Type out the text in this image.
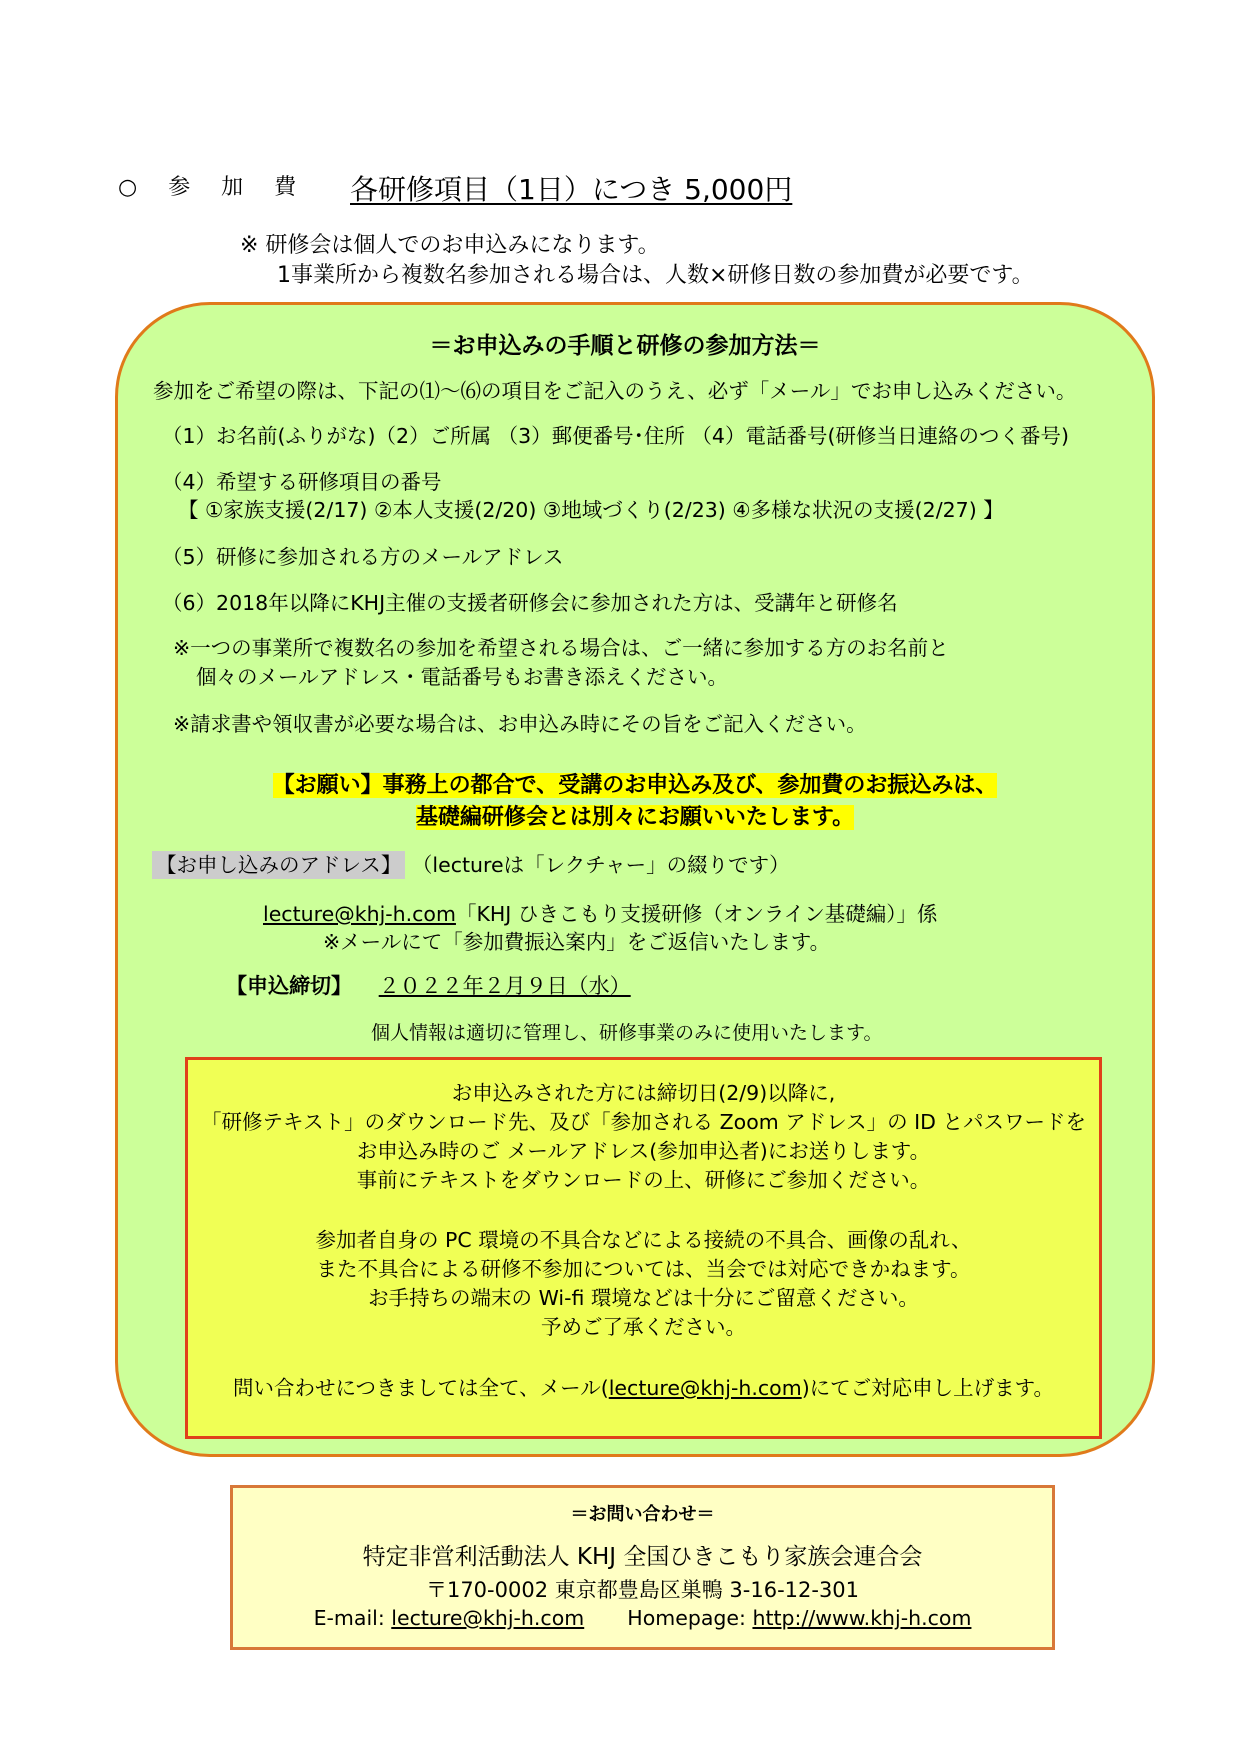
○ 参 加 費 各研修項目（1日）につき 5,000円
※ 研修会は個人でのお申込みになります。
1事業所から複数名参加される場合は、人数×研修日数の参加費が必要です。
＝お申込みの手順と研修の参加方法＝
参加をご希望の際は、下記の⑴～⑹の項目をご記入のうえ、必ず「メール」でお申し込みください。
（1）お名前(ふりがな)（2）ご所属 （3）郵便番号･住所 （4）電話番号(研修当日連絡のつく番号)
（4）希望する研修項目の番号
【 ①家族支援(2/17) ②本人支援(2/20) ③地域づくり(2/23) ④多様な状況の支援(2/27) 】
（5）研修に参加される方のメールアドレス
（6）2018年以降にKHJ主催の支援者研修会に参加された方は、受講年と研修名
※一つの事業所で複数名の参加を希望される場合は、ご一緒に参加する方のお名前と
個々のメールアドレス・電話番号もお書き添えください。
※請求書や領収書が必要な場合は、お申込み時にその旨をご記入ください。
【お願い】事務上の都合で、受講のお申込み及び、参加費のお振込みは、
基礎編研修会とは別々にお願いいたします。
【お申し込みのアドレス】 （lectureは「レクチャー」の綴りです）
lecture@khj-h.com「KHJ ひきこもり支援研修（オンライン基礎編）」係
※メールにて「参加費振込案内」をご返信いたします。
【申込締切】 ２０２２年２月９日（水）
個人情報は適切に管理し、研修事業のみに使用いたします。
お申込みされた方には締切日(2/9)以降に,
「研修テキスト」のダウンロード先、及び「参加される Zoom アドレス」の ID とパスワードを
お申込み時のご メールアドレス(参加申込者)にお送りします。
事前にテキストをダウンロードの上、研修にご参加ください。
参加者自身の PC 環境の不具合などによる接続の不具合、画像の乱れ、
また不具合による研修不参加については、当会では対応できかねます。
お手持ちの端末の Wi-fi 環境などは十分にご留意ください。
予めご了承ください。
問い合わせにつきましては全て、メール(lecture@khj-h.com)にてご対応申し上げます。
＝お問い合わせ＝
特定非営利活動法人 KHJ 全国ひきこもり家族会連合会
〒170-0002 東京都豊島区巣鴨 3-16-12-301
E-mail: lecture@khj-h.com Homepage: http://www.khj-h.com
